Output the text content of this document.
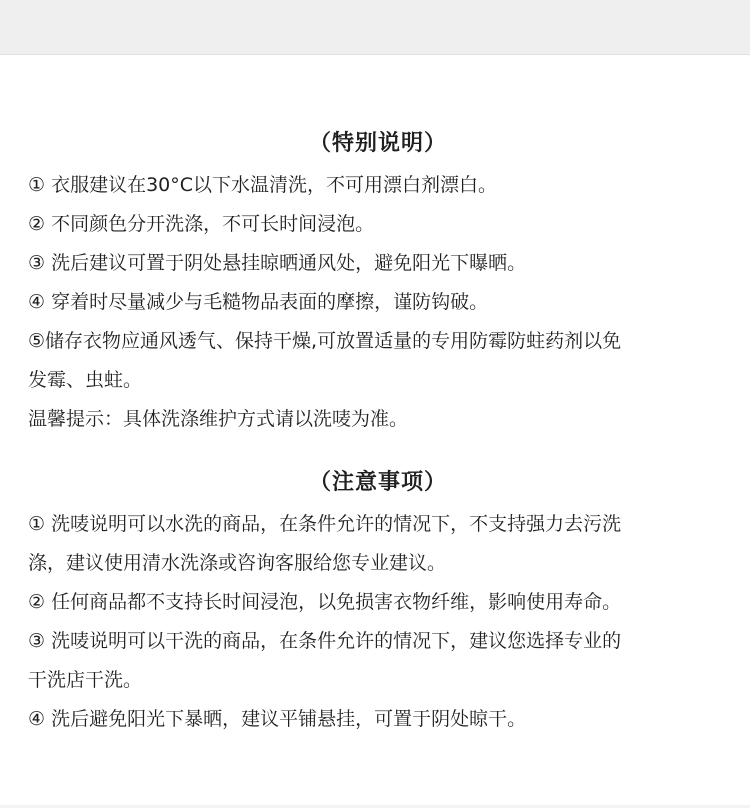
（特别说明）

① 衣服建议在30°C以下水温清洗，不可用漂白剂漂白。

② 不同颜色分开洗涤，不可长时间浸泡。

③ 洗后建议可置于阴处悬挂晾晒通风处，避免阳光下曝晒。

④ 穿着时尽量减少与毛糙物品表面的摩擦，谨防钩破。

⑤储存衣物应通风透气、保持干燥,可放置适量的专用防霉防蛀药剂以免

发霉、虫蛀。

温馨提示：具体洗涤维护方式请以洗唛为准。

（注意事项）

① 洗唛说明可以水洗的商品，在条件允许的情况下，不支持强力去污洗

涤，建议使用清水洗涤或咨询客服给您专业建议。

② 任何商品都不支持长时间浸泡，以免损害衣物纤维，影响使用寿命。

③ 洗唛说明可以干洗的商品，在条件允许的情况下，建议您选择专业的

干洗店干洗。

④ 洗后避免阳光下暴晒，建议平铺悬挂，可置于阴处晾干。
